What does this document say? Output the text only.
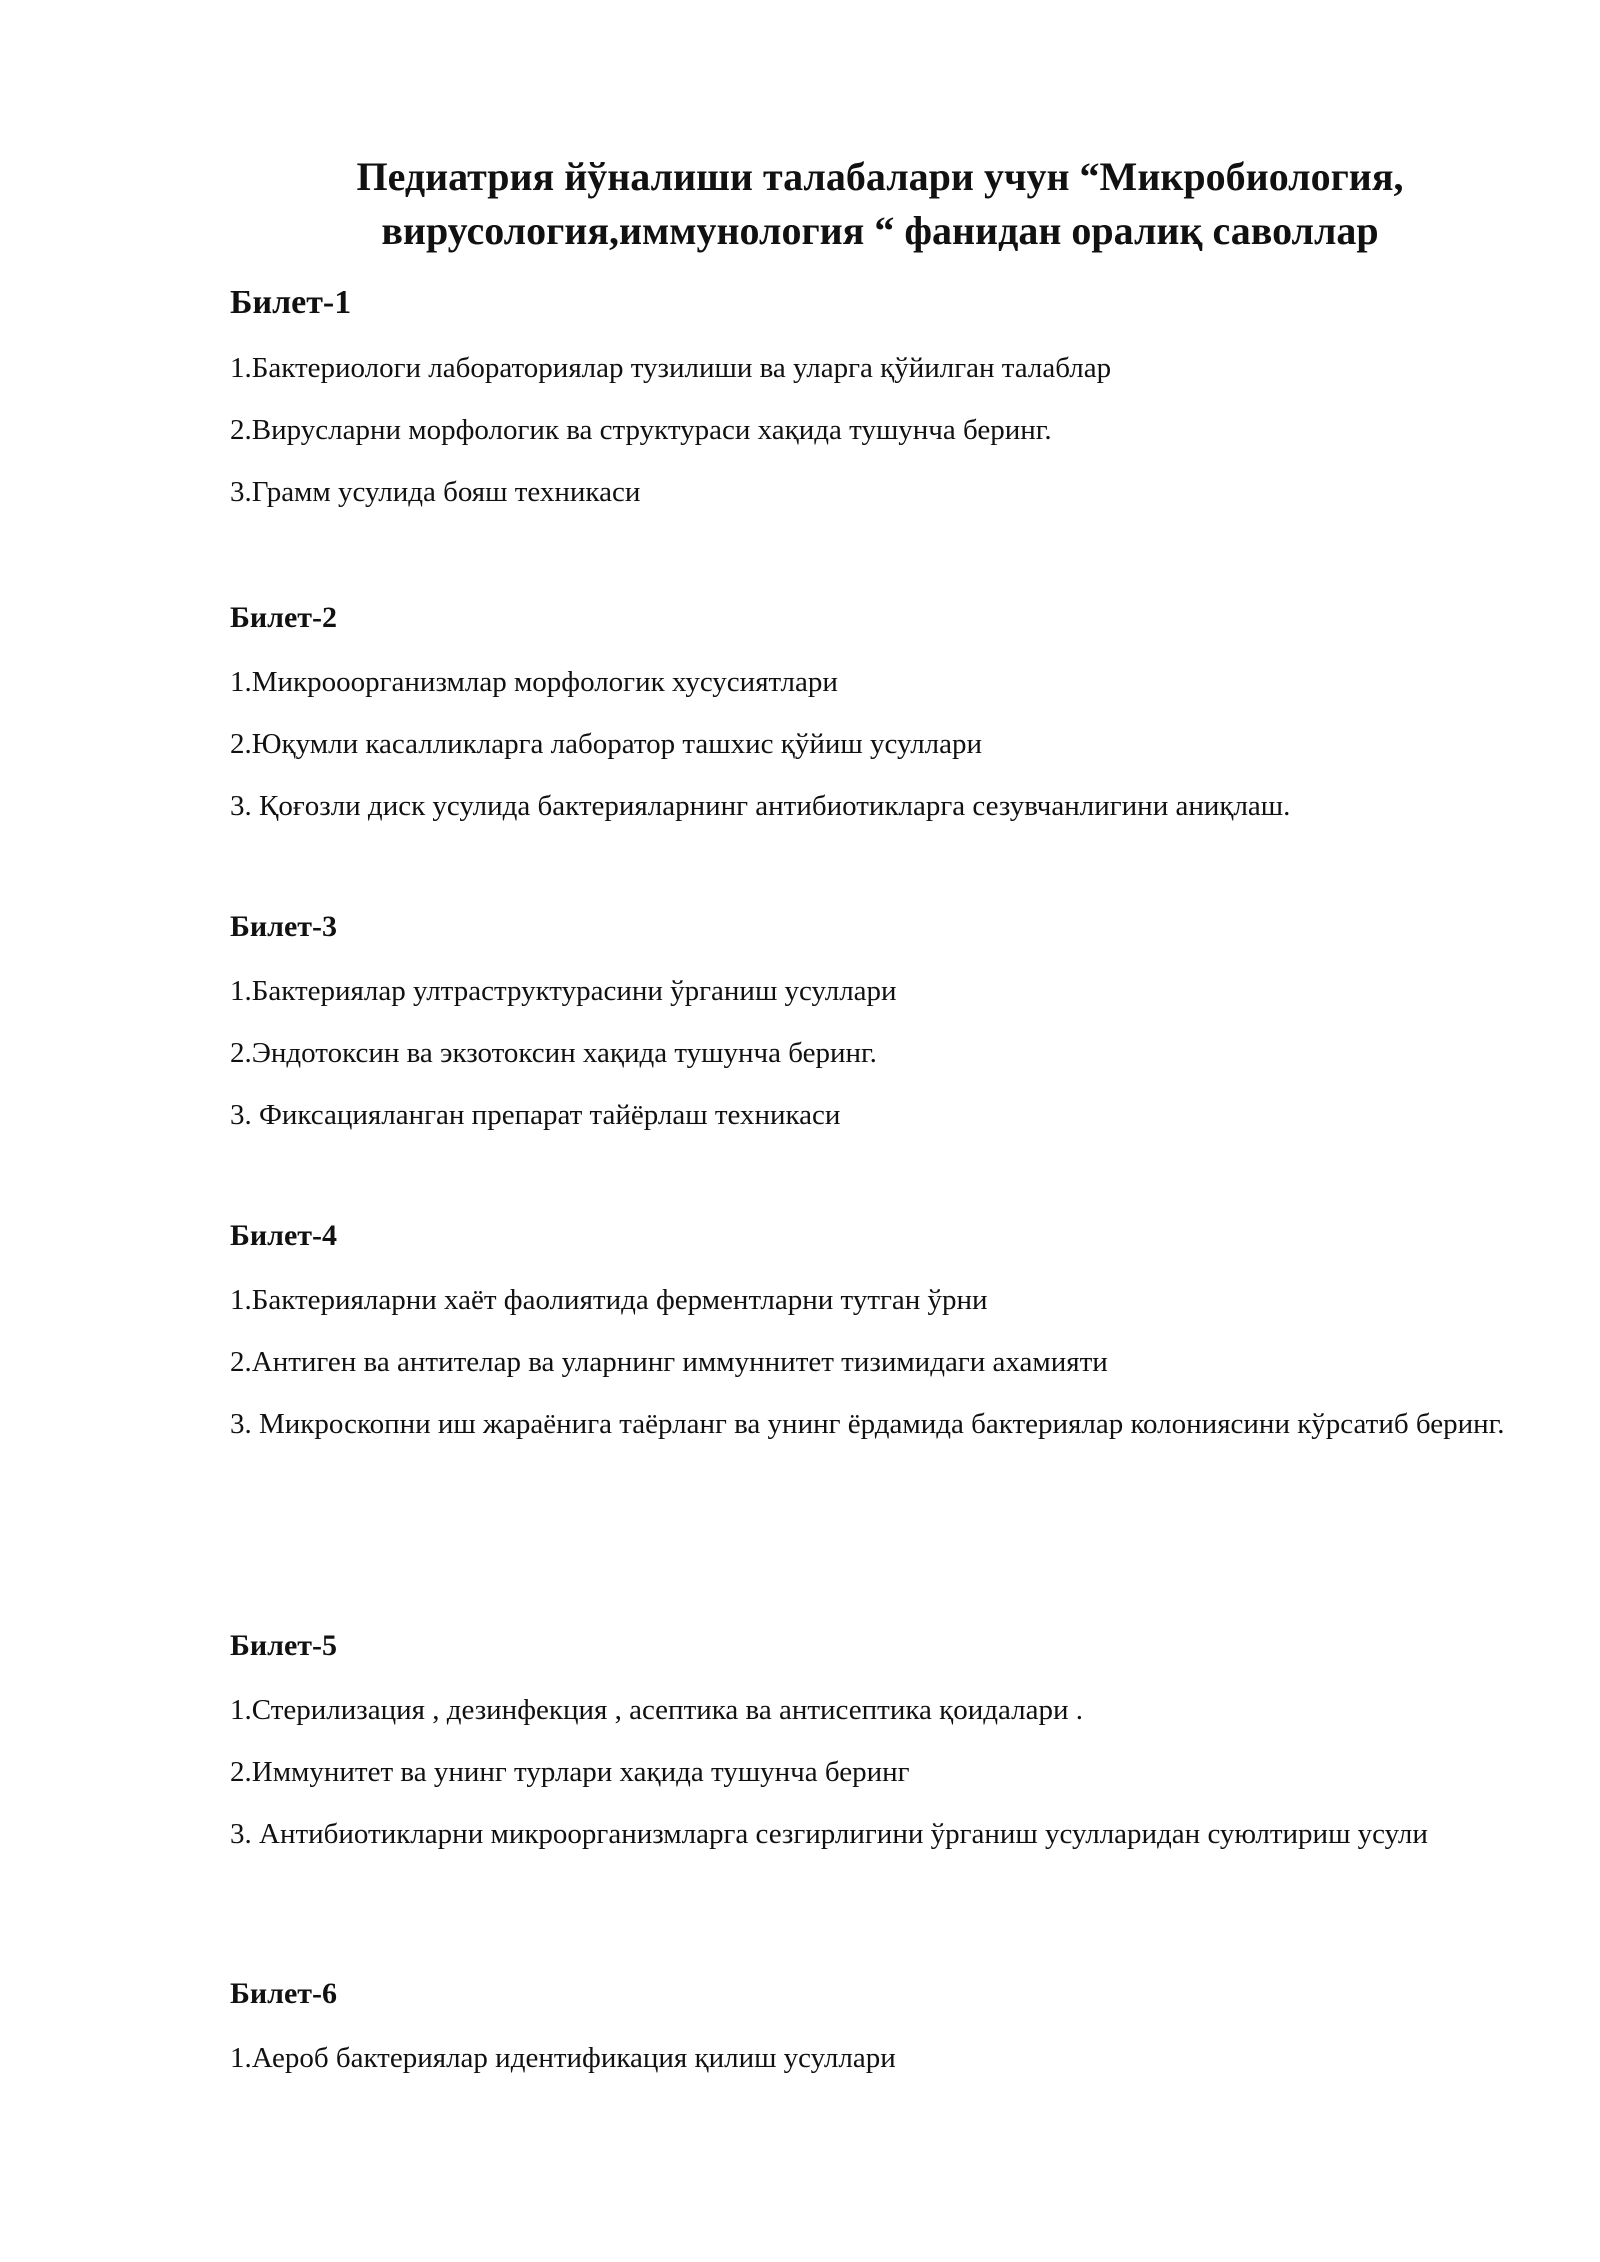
Педиатрия йўналиши талабалари учун “Микробиология,
вирусология,иммунология “ фанидан оралиқ саволлар
Билет-1

1.Бактериологи лабораториялар тузилиши ва уларга қўйилган талаблар

2.Вирусларни морфологик ва структураси хақида тушунча беринг.

3.Грамм усулида бояш техникаси

Билет-2

1.Микрооорганизмлар морфологик хусусиятлари

2.Юқумли касалликларга лаборатор ташхис қўйиш усуллари

3. Қоғозли диск усулида бактерияларнинг антибиотикларга сезувчанлигини аниқлаш.

Билет-3

1.Бактериялар ултраструктурасини ўрганиш усуллари

2.Эндотоксин ва экзотоксин хақида тушунча беринг.

3. Фиксацияланган препарат тайёрлаш техникаси

Билет-4

1.Бактерияларни хаёт фаолиятида ферментларни тутган ўрни

2.Антиген ва антителар ва уларнинг иммуннитет тизимидаги ахамияти

3. Микроскопни иш жараёнига таёрланг ва унинг ёрдамида бактериялар колониясини кўрсатиб беринг.

Билет-5

1.Стерилизация , дезинфекция , асептика ва антисептика қоидалари .

2.Иммунитет ва унинг турлари хақида тушунча беринг

3. Антибиотикларни микроорганизмларга сезгирлигини ўрганиш усулларидан суюлтириш усули

Билет-6

1.Аероб бактериялар идентификация қилиш усуллари
